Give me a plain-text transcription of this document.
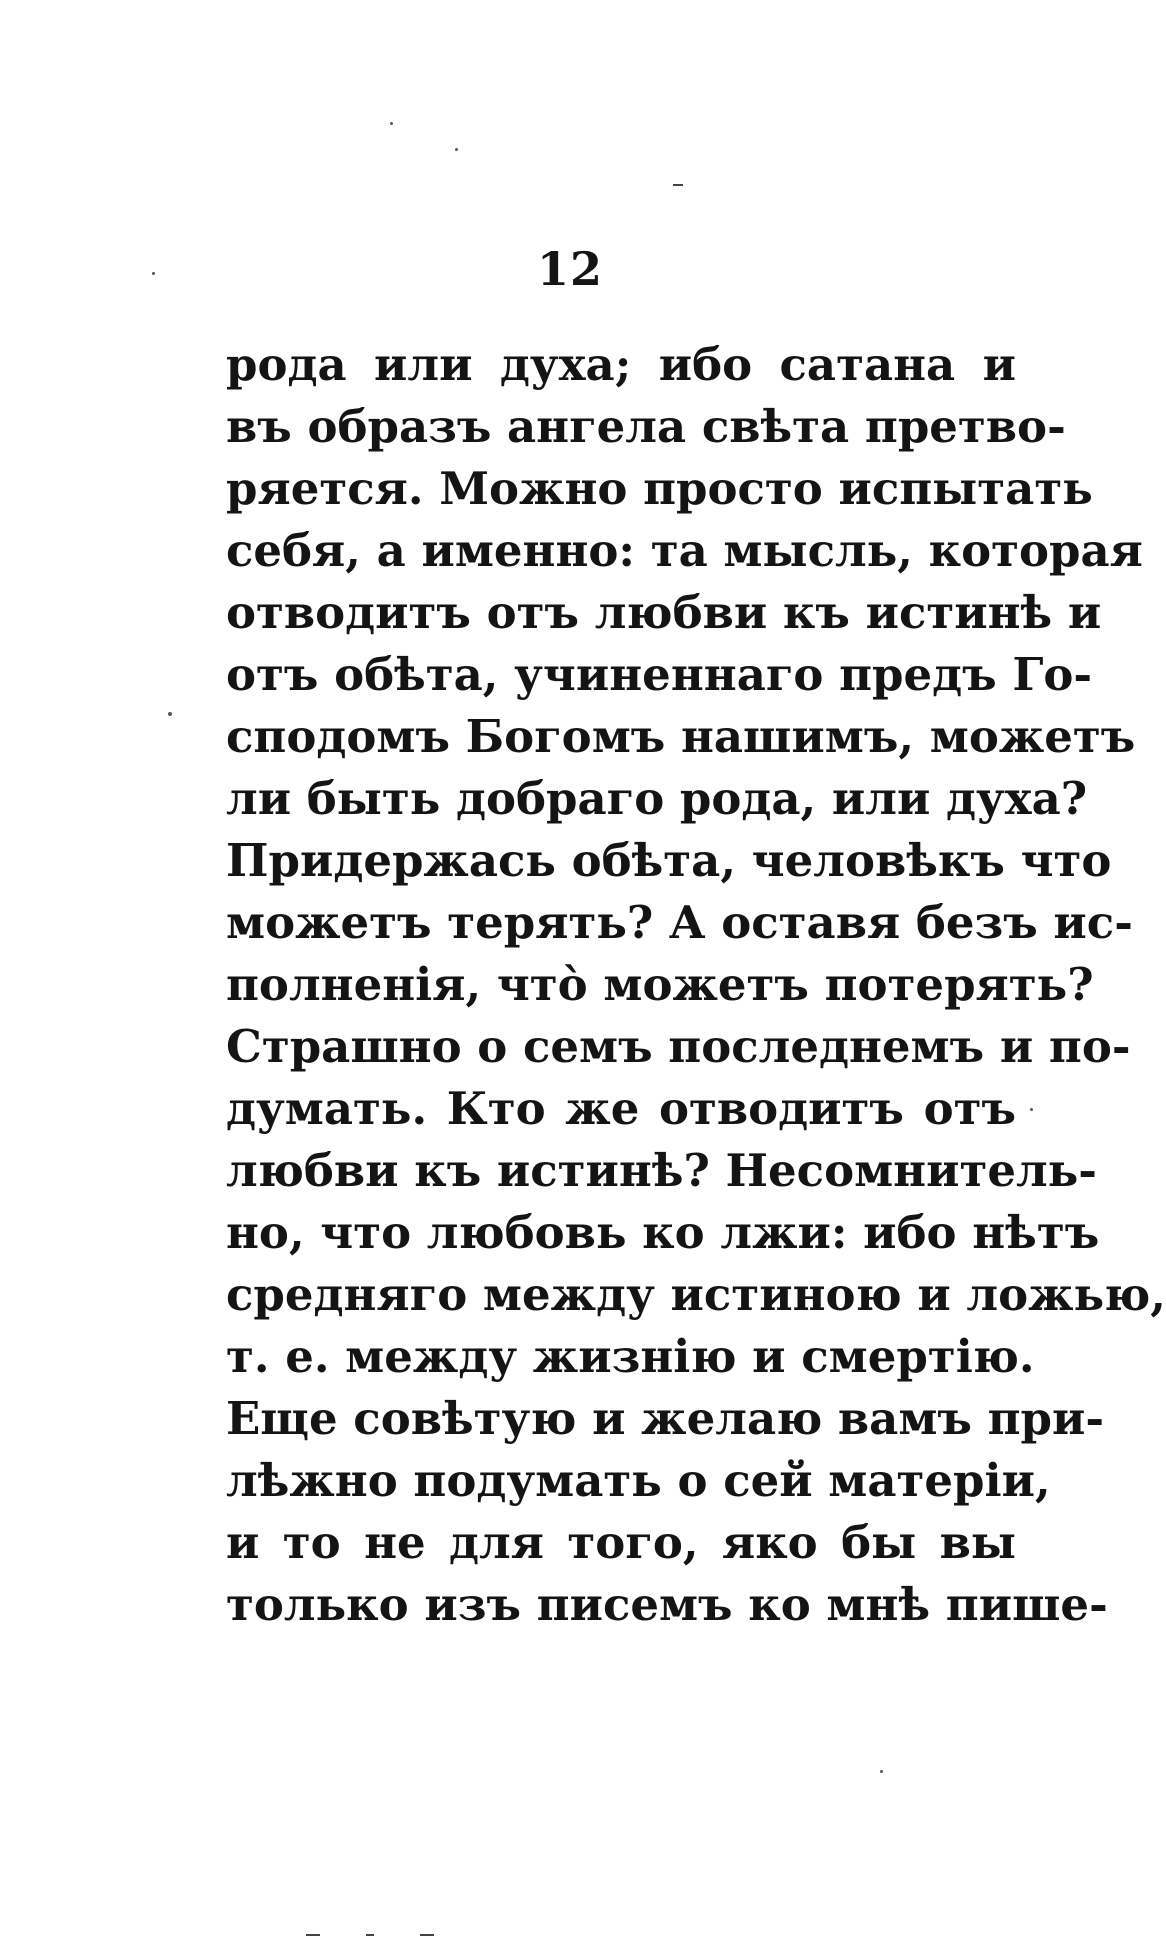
12
рода или духа; ибо сатана и
въ образъ ангела свѣта претво-
ряется. Можно просто испытать
себя, а именно: та мысль, которая
отводитъ отъ любви къ истинѣ и
отъ обѣта, учиненнаго предъ Го-
сподомъ Богомъ нашимъ, можетъ
ли быть добраго рода, или духа?
Придержась обѣта, человѣкъ что
можетъ терять? А оставя безъ ис-
полненія, что̀ можетъ потерять?
Страшно о семъ последнемъ и по-
думать. Кто же отводитъ отъ
любви къ истинѣ? Несомнитель-
но, что любовь ко лжи: ибо нѣтъ
средняго между истиною и ложью,
т. е. между жизнію и смертію.
Еще совѣтую и желаю вамъ при-
лѣжно подумать о сей матеріи,
и то не для того, яко бы вы
только изъ писемъ ко мнѣ пише-
